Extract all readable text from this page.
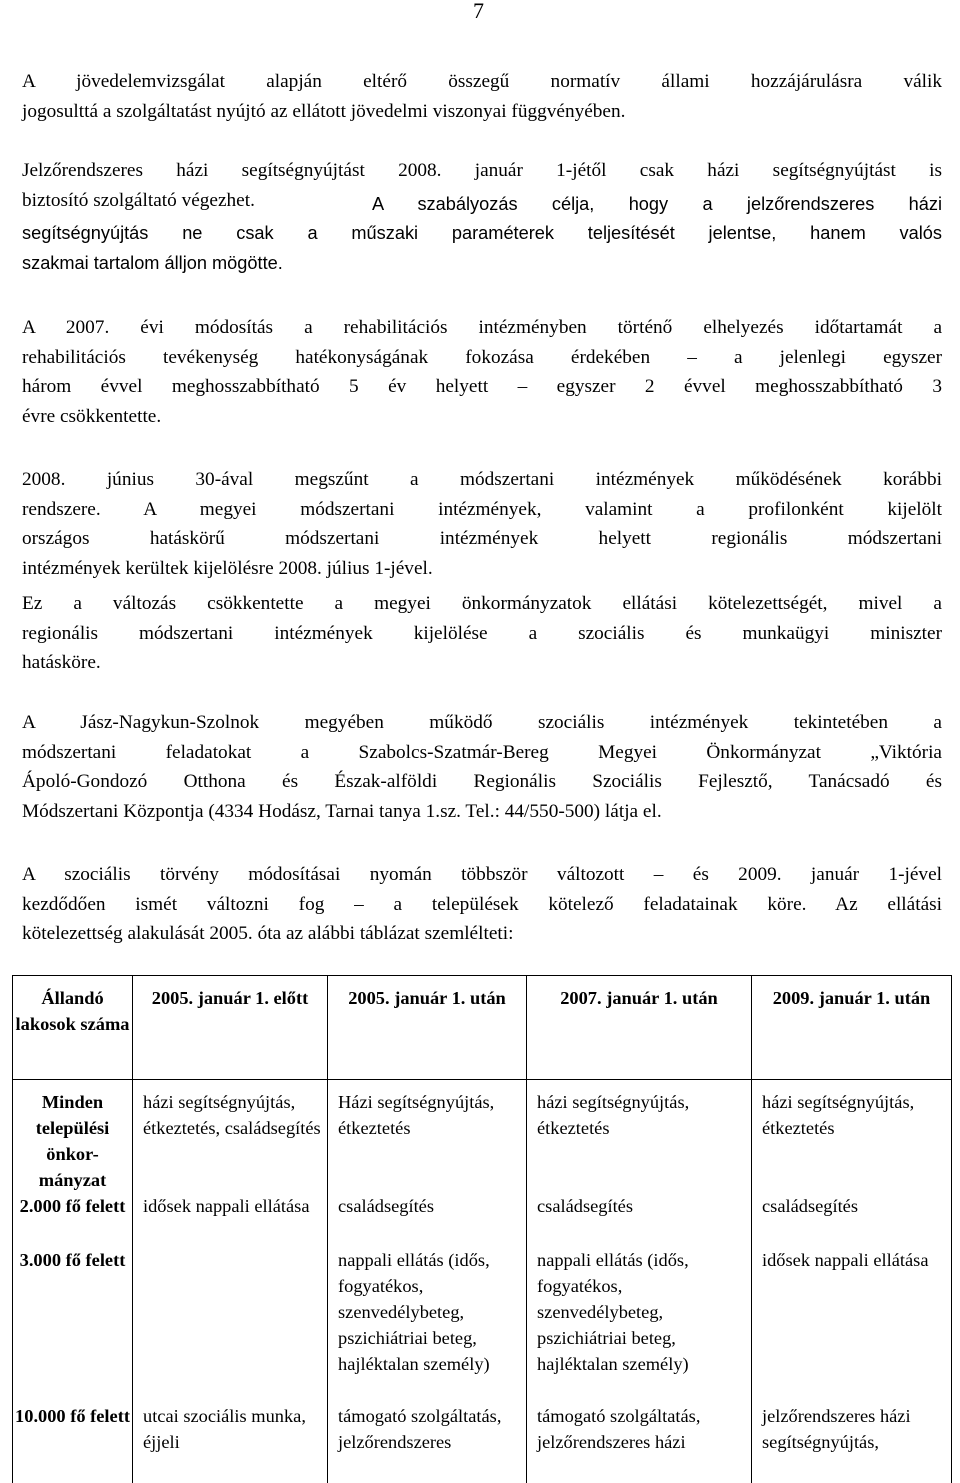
7
A jövedelemvizsgálat alapján eltérő összegű normatív állami hozzájárulásra válik
jogosulttá a szolgáltatást nyújtó az ellátott jövedelmi viszonyai függvényében.
Jelzőrendszeres házi segítségnyújtást 2008. január 1-jétől csak házi segítségnyújtást is
biztosító szolgáltató végezhet.	A szabályozás célja, hogy a jelzőrendszeres házi
segítségnyújtás ne csak a műszaki paraméterek teljesítését jelentse, hanem valós
szakmai tartalom álljon mögötte.
A 2007. évi módosítás a rehabilitációs intézményben történő elhelyezés időtartamát a
rehabilitációs tevékenység hatékonyságának fokozása érdekében – a jelenlegi egyszer
három évvel meghosszabbítható 5 év helyett – egyszer 2 évvel meghosszabbítható 3
évre csökkentette.
2008. június 30-ával megszűnt a módszertani intézmények működésének korábbi
rendszere. A megyei módszertani intézmények, valamint a profilonként kijelölt
országos hatáskörű módszertani intézmények helyett regionális módszertani
intézmények kerültek kijelölésre 2008. július 1-jével.
Ez a változás csökkentette a megyei önkormányzatok ellátási kötelezettségét, mivel a
regionális módszertani intézmények kijelölése a szociális és munkaügyi miniszter
hatásköre.
A Jász-Nagykun-Szolnok megyében működő szociális intézmények tekintetében a
módszertani feladatokat a Szabolcs-Szatmár-Bereg Megyei Önkormányzat „Viktória
Ápoló-Gondozó Otthona és Észak-alföldi Regionális Szociális Fejlesztő, Tanácsadó és
Módszertani Központja (4334 Hodász, Tarnai tanya 1.sz. Tel.: 44/550-500) látja el.
A szociális törvény módosításai nyomán többször változott – és 2009. január 1-jével
kezdődően ismét változni fog – a települések kötelező feladatainak köre. Az ellátási
kötelezettség alakulását 2005. óta az alábbi táblázat szemlélteti:
Állandó lakosok száma	2005. január 1. előtt	2005. január 1. után	2007. január 1. után	2009. január 1. után
Minden települési önkor-mányzat	házi segítségnyújtás, étkeztetés, családsegítés	Házi segítségnyújtás, étkeztetés	házi segítségnyújtás, étkeztetés	házi segítségnyújtás, étkeztetés
2.000 fő felett	idősek nappali ellátása	családsegítés	családsegítés	családsegítés
3.000 fő felett		nappali ellátás (idős, fogyatékos, szenvedélybeteg, pszichiátriai beteg, hajléktalan személy)	nappali ellátás (idős, fogyatékos, szenvedélybeteg, pszichiátriai beteg, hajléktalan személy)	idősek nappali ellátása
10.000 fő felett	utcai szociális munka, éjjeli	támogató szolgáltatás, jelzőrendszeres	támogató szolgáltatás, jelzőrendszeres házi	jelzőrendszeres házi segítségnyújtás,
